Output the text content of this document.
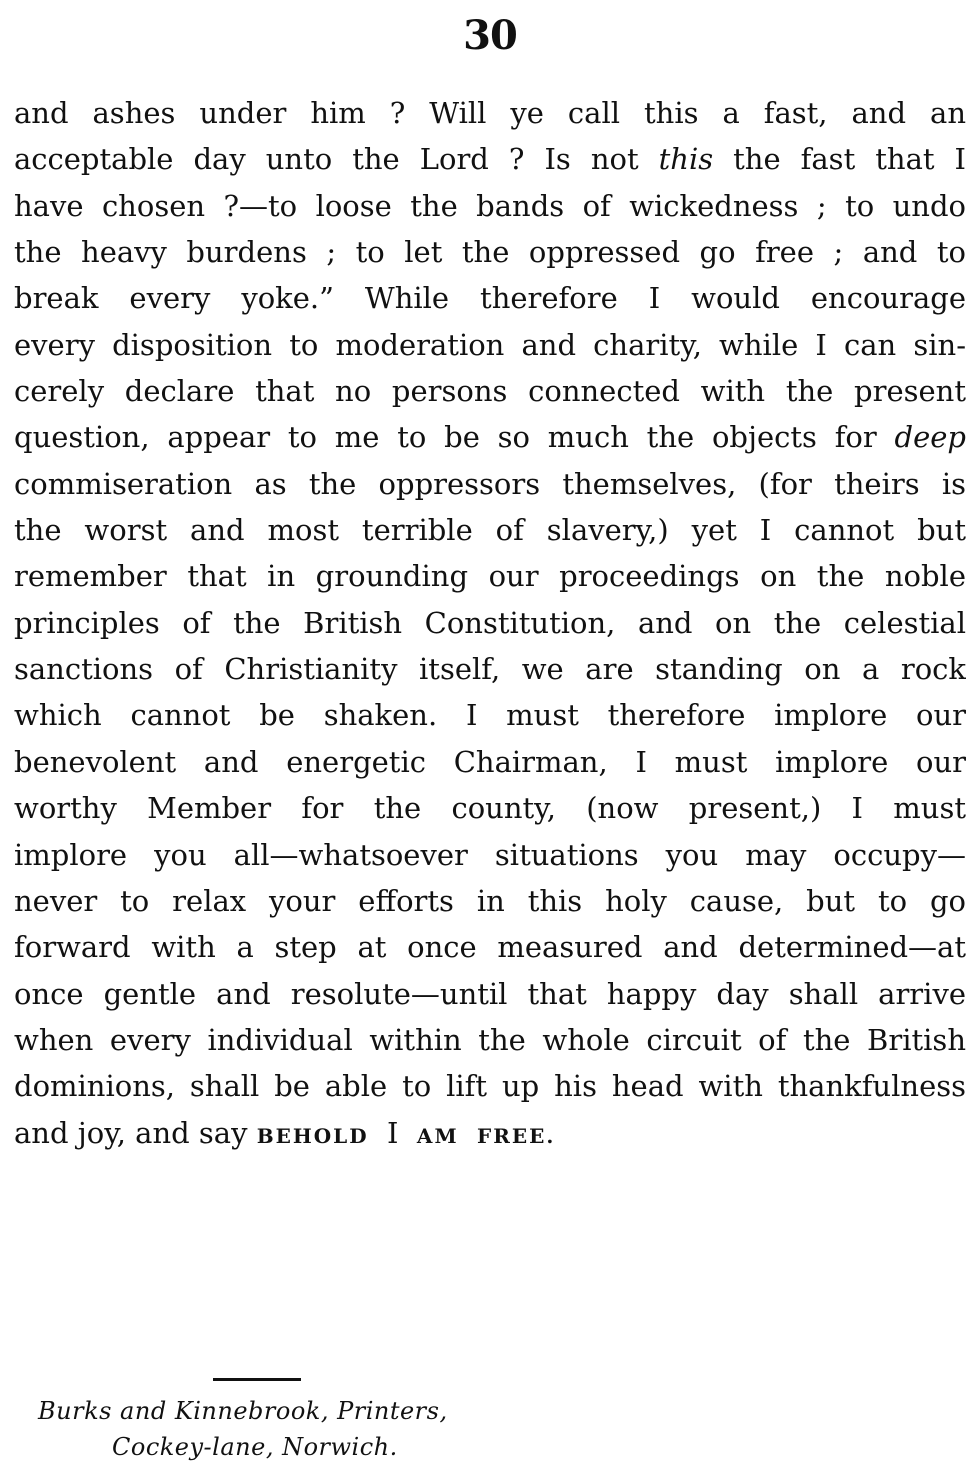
30
and ashes under him ? Will ye call this a fast, and an
acceptable day unto the Lord ? Is not this the fast that I
have chosen ?—to loose the bands of wickedness ; to undo
the heavy burdens ; to let the oppressed go free ; and to
break every yoke.” While therefore I would encourage
every disposition to moderation and charity, while I can sin-
cerely declare that no persons connected with the present
question, appear to me to be so much the objects for deep
commiseration as the oppressors themselves, (for theirs is
the worst and most terrible of slavery,) yet I cannot but
remember that in grounding our proceedings on the noble
principles of the British Constitution, and on the celestial
sanctions of Christianity itself, we are standing on a rock
which cannot be shaken. I must therefore implore our
benevolent and energetic Chairman, I must implore our
worthy Member for the county, (now present,) I must
implore you all—whatsoever situations you may occupy—
never to relax your efforts in this holy cause, but to go
forward with a step at once measured and determined—at
once gentle and resolute—until that happy day shall arrive
when every individual within the whole circuit of the British
dominions, shall be able to lift up his head with thankfulness
and joy, and say BEHOLD I AM FREE.
Burks and Kinnebrook, Printers,
Cockey-lane, Norwich.
